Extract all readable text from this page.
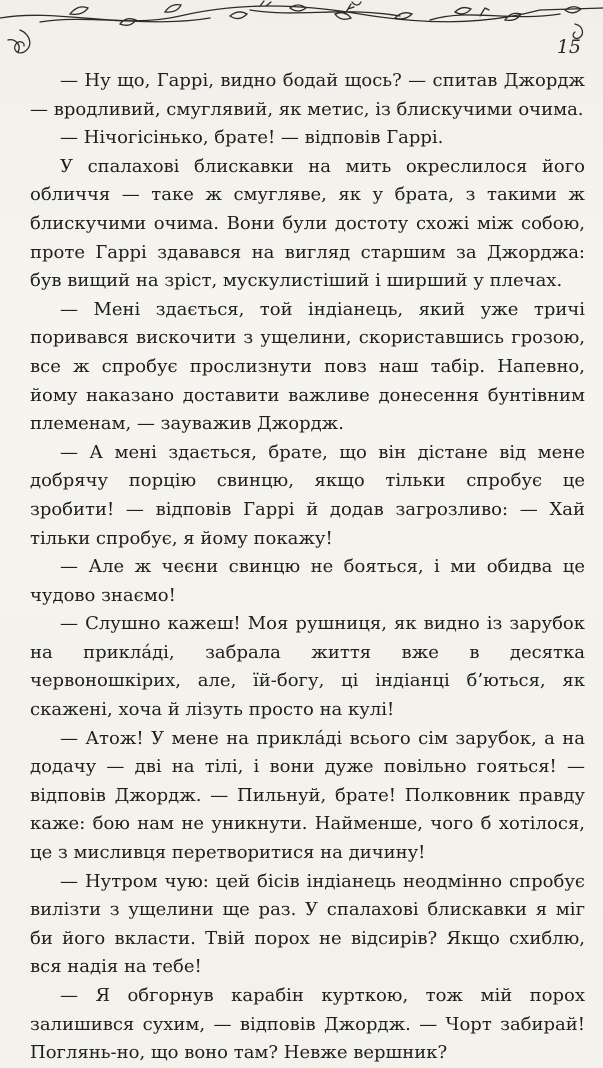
15

— Ну що, Гаррі, видно бодай щось? — спитав Джордж — вродливий, смуглявий, як метис, із блискучими очима.

— Нічогісінько, брате! — відповів Гаррі.

У спалахові блискавки на мить окреслилося його обличчя — таке ж смугляве, як у брата, з такими ж блискучими очима. Вони були достоту схожі між собою, проте Гаррі здавався на вигляд старшим за Джорджа: був вищий на зріст, мускулистіший і ширший у плечах.

— Мені здається, той індіанець, який уже тричі поривався вискочити з ущелини, скориставшись грозою, все ж спробує прослизнути повз наш табір. Напевно, йому наказано доставити важливе донесення бунтівним племенам, — зауважив Джордж.

— А мені здається, брате, що він дістане від мене добрячу порцію свинцю, якщо тільки спробує це зробити! — відповів Гаррі й додав загрозливо: — Хай тільки спробує, я йому покажу!

— Але ж чеєни свинцю не бояться, і ми обидва це чудово знаємо!

— Слушно кажеш! Моя рушниця, як видно із зарубок на прикла́ді, забрала життя вже в десятка червоношкірих, але, їй-богу, ці індіанці б’ються, як скажені, хоча й лізуть просто на кулі!

— Атож! У мене на прикла́ді всього сім зарубок, а на додачу — дві на тілі, і вони дуже повільно гояться! — відповів Джордж. — Пильнуй, брате! Полковник правду каже: бою нам не уникнути. Найменше, чого б хотілося, це з мисливця перетворитися на дичину!

— Нутром чую: цей бісів індіанець неодмінно спробує вилізти з ущелини ще раз. У спалахові блискавки я міг би його вкласти. Твій порох не відсирів? Якщо схиблю, вся надія на тебе!

— Я обгорнув карабін курткою, тож мій порох залишився сухим, — відповів Джордж. — Чорт забирай! Поглянь-но, що воно там? Невже вершник?
